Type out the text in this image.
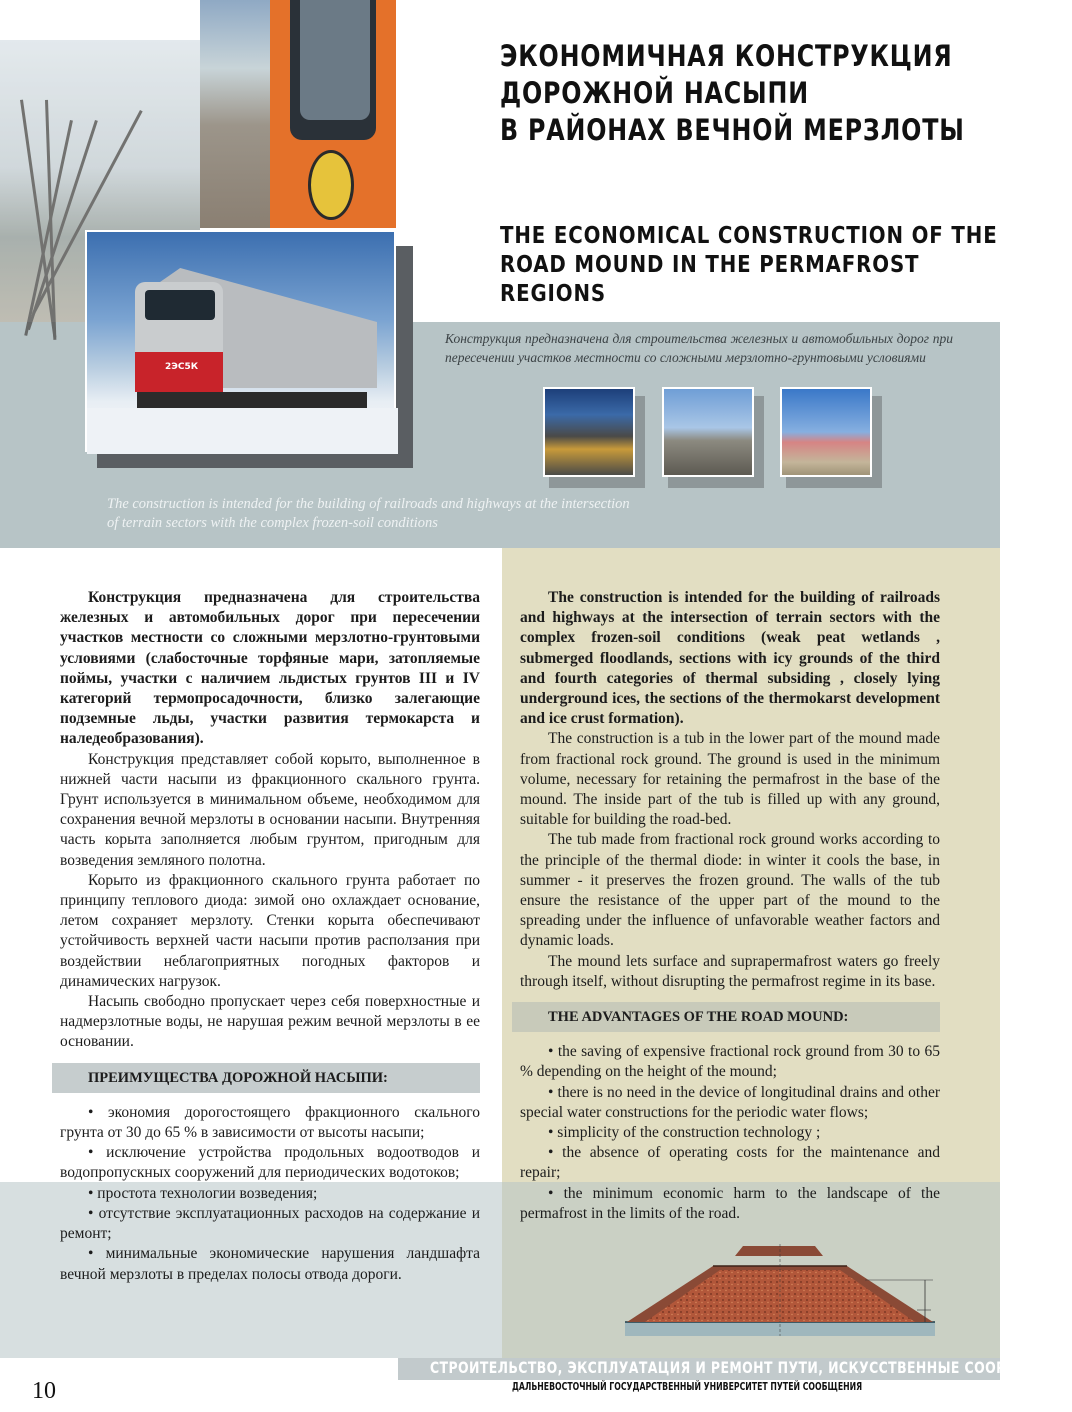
2ЭС5К
ЭКОНОМИЧНАЯ КОНСТРУКЦИЯ
ДОРОЖНОЙ НАСЫПИ
В РАЙОНАХ ВЕЧНОЙ МЕРЗЛОТЫ
THE ECONOMICAL CONSTRUCTION OF THE
ROAD MOUND IN THE PERMAFROST
REGIONS
Конструкция предназначена для строительства железных и автомобильных дорог при пересечении участков местности со сложными мерзлотно-грунтовыми условиями
The construction is intended for the building of railroads and highways at the intersection
of terrain sectors with the complex frozen-soil conditions

Конструкция предназначена для строительства железных и автомобильных дорог при пересечении участков местности со сложными мерзлотно-грунтовыми условиями (слабосточные торфяные мари, затопляемые поймы, участки с наличием льдистых грунтов III и IV категорий термопросадочности, близко залегающие подземные льды, участки развития термокарста и наледеобразования).

Конструкция представляет собой корыто, выполненное в нижней части насыпи из фракционного скального грунта. Грунт используется в минимальном объеме, необходимом для сохранения вечной мерзлоты в основании насыпи. Внутренняя часть корыта заполняется любым грунтом, пригодным для возведения земляного полотна.

Корыто из фракционного скального грунта работает по принципу теплового диода: зимой оно охлаждает основание, летом сохраняет мерзлоту. Стенки корыта обеспечивают устойчивость верхней части насыпи против расползания при воздействии неблагоприятных погодных факторов и динамических нагрузок.

Насыпь свободно пропускает через себя поверхностные и надмерзлотные воды, не нарушая режим вечной мерзлоты в ее основании.

ПРЕИМУЩЕСТВА ДОРОЖНОЙ НАСЫПИ:

• экономия дорогостоящего фракционного скального грунта от 30 до 65 % в зависимости от высоты насыпи;

• исключение устройства продольных водоотводов и водопропускных сооружений для периодических водотоков;

• простота технологии возведения;

• отсутствие эксплуатационных расходов на содержание и ремонт;

• минимальные экономические нарушения ландшафта вечной мерзлоты в пределах полосы отвода дороги.

The construction is intended for the building of railroads and highways at the intersection of terrain sectors with the complex frozen-soil conditions (weak peat wetlands , submerged floodlands, sections with icy grounds of the third and fourth categories of thermal subsiding , closely lying underground ices, the sections of the thermokarst development and ice crust formation).

The construction is a tub in the lower part of the mound made from fractional rock ground. The ground is used in the minimum volume, necessary for retaining the permafrost in the base of the mound. The inside part of the tub is filled up with any ground, suitable for building the road-bed.

The tub made from fractional rock ground works according to the principle of the thermal diode: in winter it cools the base, in summer - it preserves the frozen ground. The walls of the tub ensure the resistance of the upper part of the mound to the spreading under the influence of unfavorable weather factors and dynamic loads.

The mound lets surface and suprapermafrost waters go freely through itself, without disrupting the permafrost regime in its base.

THE ADVANTAGES OF THE ROAD MOUND:

• the saving of expensive fractional rock ground from 30 to 65 % depending on the height of the mound;

• there is no need in the device of longitudinal drains and other special water constructions for the periodic water flows;

• simplicity of the construction technology ;

• the absence of operating costs for the maintenance and repair;

• the minimum economic harm to the landscape of the permafrost in the limits of the road.

СТРОИТЕЛЬСТВО, ЭКСПЛУАТАЦИЯ И РЕМОНТ ПУТИ, ИСКУССТВЕННЫЕ СООРУЖЕНИЯ
ДАЛЬНЕВОСТОЧНЫЙ ГОСУДАРСТВЕННЫЙ УНИВЕРСИТЕТ ПУТЕЙ СООБЩЕНИЯ
10
